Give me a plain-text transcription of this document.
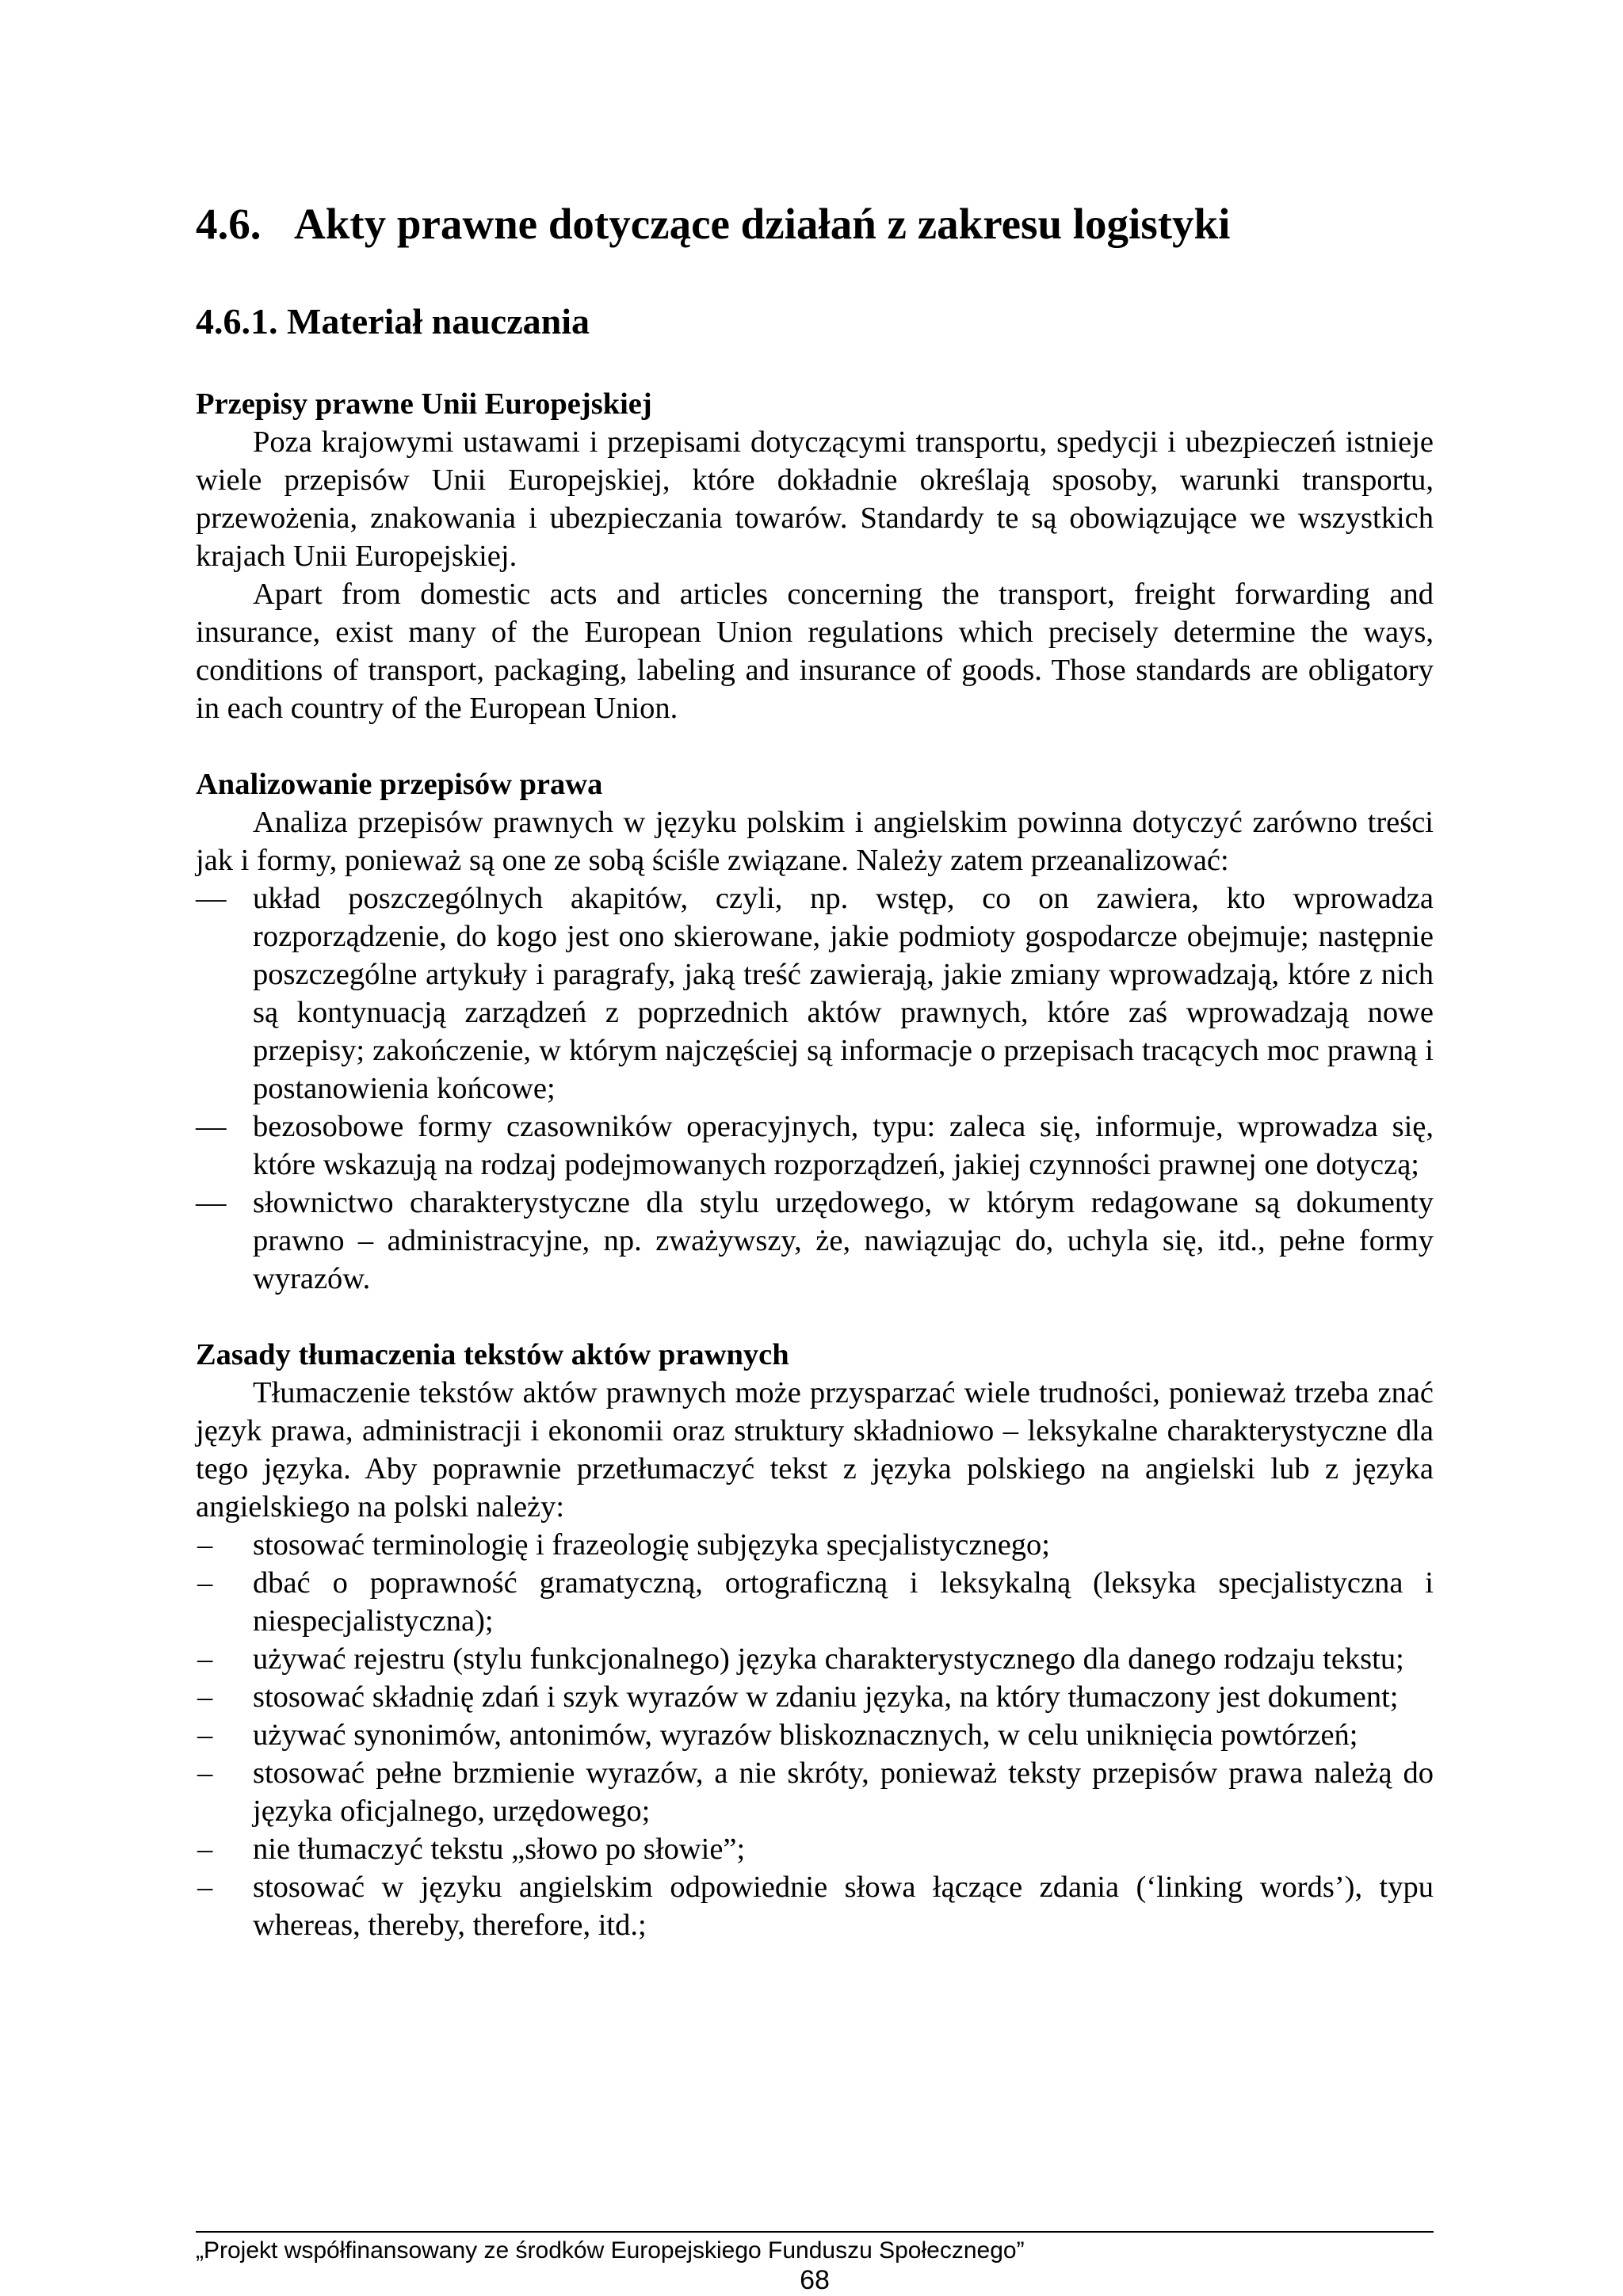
4.6. Akty prawne dotyczące działań z zakresu logistyki
4.6.1. Materiał nauczania
Przepisy prawne Unii Europejskiej

Poza krajowymi ustawami i przepisami dotyczącymi transportu, spedycji i ubezpieczeń istnieje wiele przepisów Unii Europejskiej, które dokładnie określają sposoby, warunki transportu, przewożenia, znakowania i ubezpieczania towarów. Standardy te są obowiązujące we wszystkich krajach Unii Europejskiej.

Apart from domestic acts and articles concerning the transport, freight forwarding and insurance, exist many of the European Union regulations which precisely determine the ways, conditions of transport, packaging, labeling and insurance of goods. Those standards are obligatory in each country of the European Union.

Analizowanie przepisów prawa

Analiza przepisów prawnych w języku polskim i angielskim powinna dotyczyć zarówno treści jak i formy, ponieważ są one ze sobą ściśle związane. Należy zatem przeanalizować:

— układ poszczególnych akapitów, czyli, np. wstęp, co on zawiera, kto wprowadza rozporządzenie, do kogo jest ono skierowane, jakie podmioty gospodarcze obejmuje; następnie poszczególne artykuły i paragrafy, jaką treść zawierają, jakie zmiany wprowadzają, które z nich są kontynuacją zarządzeń z poprzednich aktów prawnych, które zaś wprowadzają nowe przepisy; zakończenie, w którym najczęściej są informacje o przepisach tracących moc prawną i postanowienia końcowe;
— bezosobowe formy czasowników operacyjnych, typu: zaleca się, informuje, wprowadza się, które wskazują na rodzaj podejmowanych rozporządzeń, jakiej czynności prawnej one dotyczą;
— słownictwo charakterystyczne dla stylu urzędowego, w którym redagowane są dokumenty prawno – administracyjne, np. zważywszy, że, nawiązując do, uchyla się, itd., pełne formy wyrazów.
Zasady tłumaczenia tekstów aktów prawnych

Tłumaczenie tekstów aktów prawnych może przysparzać wiele trudności, ponieważ trzeba znać język prawa, administracji i ekonomii oraz struktury składniowo – leksykalne charakterystyczne dla tego języka. Aby poprawnie przetłumaczyć tekst z języka polskiego na angielski lub z języka angielskiego na polski należy:

– stosować terminologię i frazeologię subjęzyka specjalistycznego;
– dbać o poprawność gramatyczną, ortograficzną i leksykalną (leksyka specjalistyczna i niespecjalistyczna);
– używać rejestru (stylu funkcjonalnego) języka charakterystycznego dla danego rodzaju tekstu;
– stosować składnię zdań i szyk wyrazów w zdaniu języka, na który tłumaczony jest dokument;
– używać synonimów, antonimów, wyrazów bliskoznacznych, w celu uniknięcia powtórzeń;
– stosować pełne brzmienie wyrazów, a nie skróty, ponieważ teksty przepisów prawa należą do języka oficjalnego, urzędowego;
– nie tłumaczyć tekstu „słowo po słowie”;
– stosować w języku angielskim odpowiednie słowa łączące zdania (‘linking words’), typu whereas, thereby, therefore, itd.;
„Projekt współfinansowany ze środków Europejskiego Funduszu Społecznego”
68
